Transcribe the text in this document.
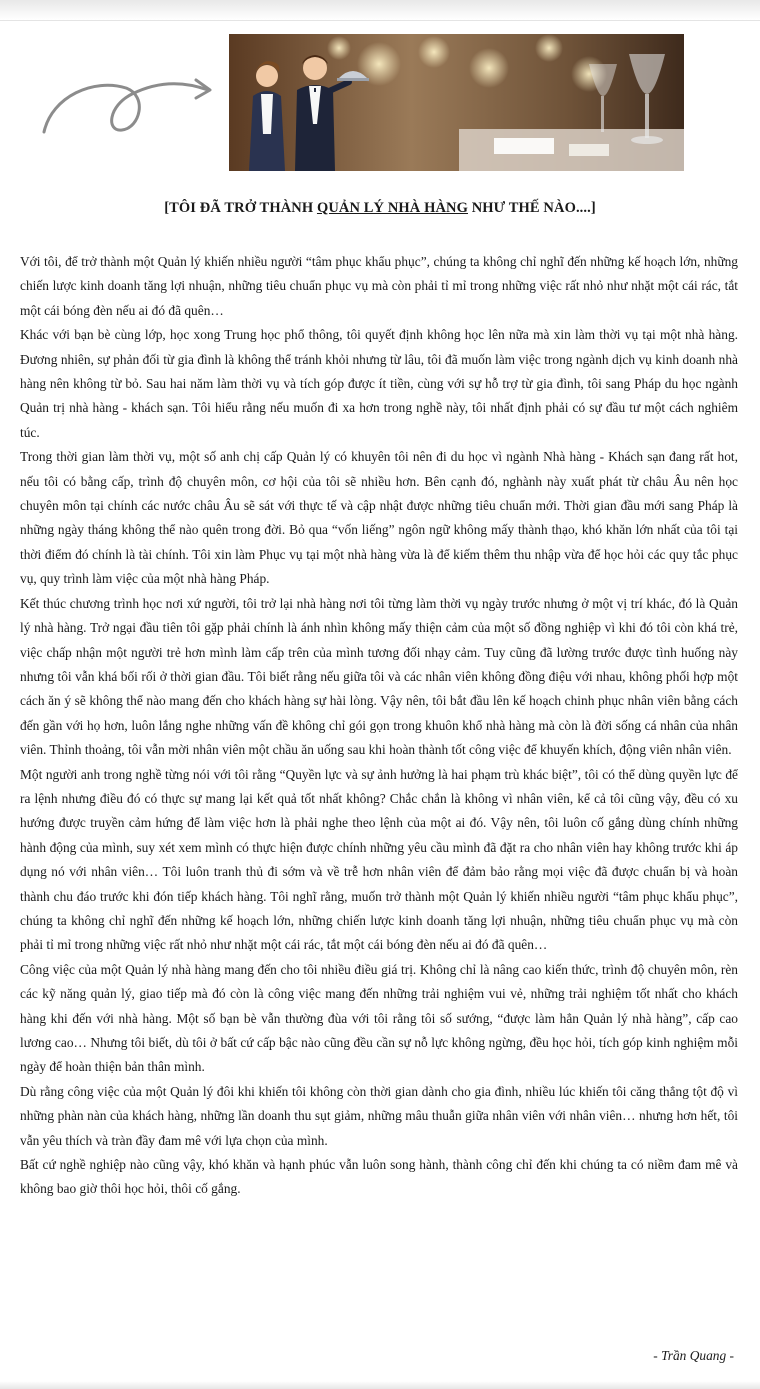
[TÔI ĐÃ TRỞ THÀNH QUẢN LÝ NHÀ HÀNG NHƯ THẾ NÀO....]

Với tôi, để trở thành một Quản lý khiến nhiều người “tâm phục khẩu phục”, chúng ta không chỉ nghĩ đến những kế hoạch lớn, những chiến lược kinh doanh tăng lợi nhuận, những tiêu chuẩn phục vụ mà còn phải tỉ mỉ trong những việc rất nhỏ như nhặt một cái rác, tắt một cái bóng đèn nếu ai đó đã quên…

Khác với bạn bè cùng lớp, học xong Trung học phổ thông, tôi quyết định không học lên nữa mà xin làm thời vụ tại một nhà hàng. Đương nhiên, sự phản đối từ gia đình là không thể tránh khỏi nhưng từ lâu, tôi đã muốn làm việc trong ngành dịch vụ kinh doanh nhà hàng nên không từ bỏ. Sau hai năm làm thời vụ và tích góp được ít tiền, cùng với sự hỗ trợ từ gia đình, tôi sang Pháp du học ngành Quản trị nhà hàng - khách sạn. Tôi hiểu rằng nếu muốn đi xa hơn trong nghề này, tôi nhất định phải có sự đầu tư một cách nghiêm túc.

Trong thời gian làm thời vụ, một số anh chị cấp Quản lý có khuyên tôi nên đi du học vì ngành Nhà hàng - Khách sạn đang rất hot, nếu tôi có bằng cấp, trình độ chuyên môn, cơ hội của tôi sẽ nhiều hơn. Bên cạnh đó, nghành này xuất phát từ châu Âu nên học chuyên môn tại chính các nước châu Âu sẽ sát với thực tế và cập nhật được những tiêu chuẩn mới. Thời gian đầu mới sang Pháp là những ngày tháng không thể nào quên trong đời. Bỏ qua “vốn liếng” ngôn ngữ không mấy thành thạo, khó khăn lớn nhất của tôi tại thời điểm đó chính là tài chính. Tôi xin làm Phục vụ tại một nhà hàng vừa là để kiếm thêm thu nhập vừa để học hỏi các quy tắc phục vụ, quy trình làm việc của một nhà hàng Pháp.

Kết thúc chương trình học nơi xứ người, tôi trở lại nhà hàng nơi tôi từng làm thời vụ ngày trước nhưng ở một vị trí khác, đó là Quản lý nhà hàng. Trở ngại đầu tiên tôi gặp phải chính là ánh nhìn không mấy thiện cảm của một số đồng nghiệp vì khi đó tôi còn khá trẻ, việc chấp nhận một người trẻ hơn mình làm cấp trên của mình tương đối nhạy cảm. Tuy cũng đã lường trước được tình huống này nhưng tôi vẫn khá bối rối ở thời gian đầu. Tôi biết rằng nếu giữa tôi và các nhân viên không đồng điệu với nhau, không phối hợp một cách ăn ý sẽ không thể nào mang đến cho khách hàng sự hài lòng. Vậy nên, tôi bắt đầu lên kế hoạch chinh phục nhân viên bằng cách đến gần với họ hơn, luôn lắng nghe những vấn đề không chỉ gói gọn trong khuôn khổ nhà hàng mà còn là đời sống cá nhân của nhân viên. Thỉnh thoảng, tôi vẫn mời nhân viên một chầu ăn uống sau khi hoàn thành tốt công việc để khuyến khích, động viên nhân viên.

Một người anh trong nghề từng nói với tôi rằng “Quyền lực và sự ảnh hưởng là hai phạm trù khác biệt”, tôi có thể dùng quyền lực để ra lệnh nhưng điều đó có thực sự mang lại kết quả tốt nhất không? Chắc chắn là không vì nhân viên, kể cả tôi cũng vậy, đều có xu hướng được truyền cảm hứng để làm việc hơn là phải nghe theo lệnh của một ai đó. Vậy nên, tôi luôn cố gắng dùng chính những hành động của mình, suy xét xem mình có thực hiện được chính những yêu cầu mình đã đặt ra cho nhân viên hay không trước khi áp dụng nó với nhân viên… Tôi luôn tranh thủ đi sớm và về trễ hơn nhân viên để đảm bảo rằng mọi việc đã được chuẩn bị và hoàn thành chu đáo trước khi đón tiếp khách hàng. Tôi nghĩ rằng, muốn trở thành một Quản lý khiến nhiều người “tâm phục khẩu phục”, chúng ta không chỉ nghĩ đến những kế hoạch lớn, những chiến lược kinh doanh tăng lợi nhuận, những tiêu chuẩn phục vụ mà còn phải tỉ mỉ trong những việc rất nhỏ như nhặt một cái rác, tắt một cái bóng đèn nếu ai đó đã quên…

Công việc của một Quản lý nhà hàng mang đến cho tôi nhiều điều giá trị. Không chỉ là nâng cao kiến thức, trình độ chuyên môn, rèn các kỹ năng quản lý, giao tiếp mà đó còn là công việc mang đến những trải nghiệm vui vẻ, những trải nghiệm tốt nhất cho khách hàng khi đến với nhà hàng. Một số bạn bè vẫn thường đùa với tôi rằng tôi số sướng, “được làm hẳn Quản lý nhà hàng”, cấp cao lương cao… Nhưng tôi biết, dù tôi ở bất cứ cấp bậc nào cũng đều cần sự nỗ lực không ngừng, đều học hỏi, tích góp kinh nghiệm mỗi ngày để hoàn thiện bản thân mình.

Dù rằng công việc của một Quản lý đôi khi khiến tôi không còn thời gian dành cho gia đình, nhiều lúc khiến tôi căng thẳng tột độ vì những phàn nàn của khách hàng, những lần doanh thu sụt giảm, những mâu thuẫn giữa nhân viên với nhân viên… nhưng hơn hết, tôi vẫn yêu thích và tràn đầy đam mê với lựa chọn của mình.

Bất cứ nghề nghiệp nào cũng vậy, khó khăn và hạnh phúc vẫn luôn song hành, thành công chỉ đến khi chúng ta có niềm đam mê và không bao giờ thôi học hỏi, thôi cố gắng.

- Trần Quang -
